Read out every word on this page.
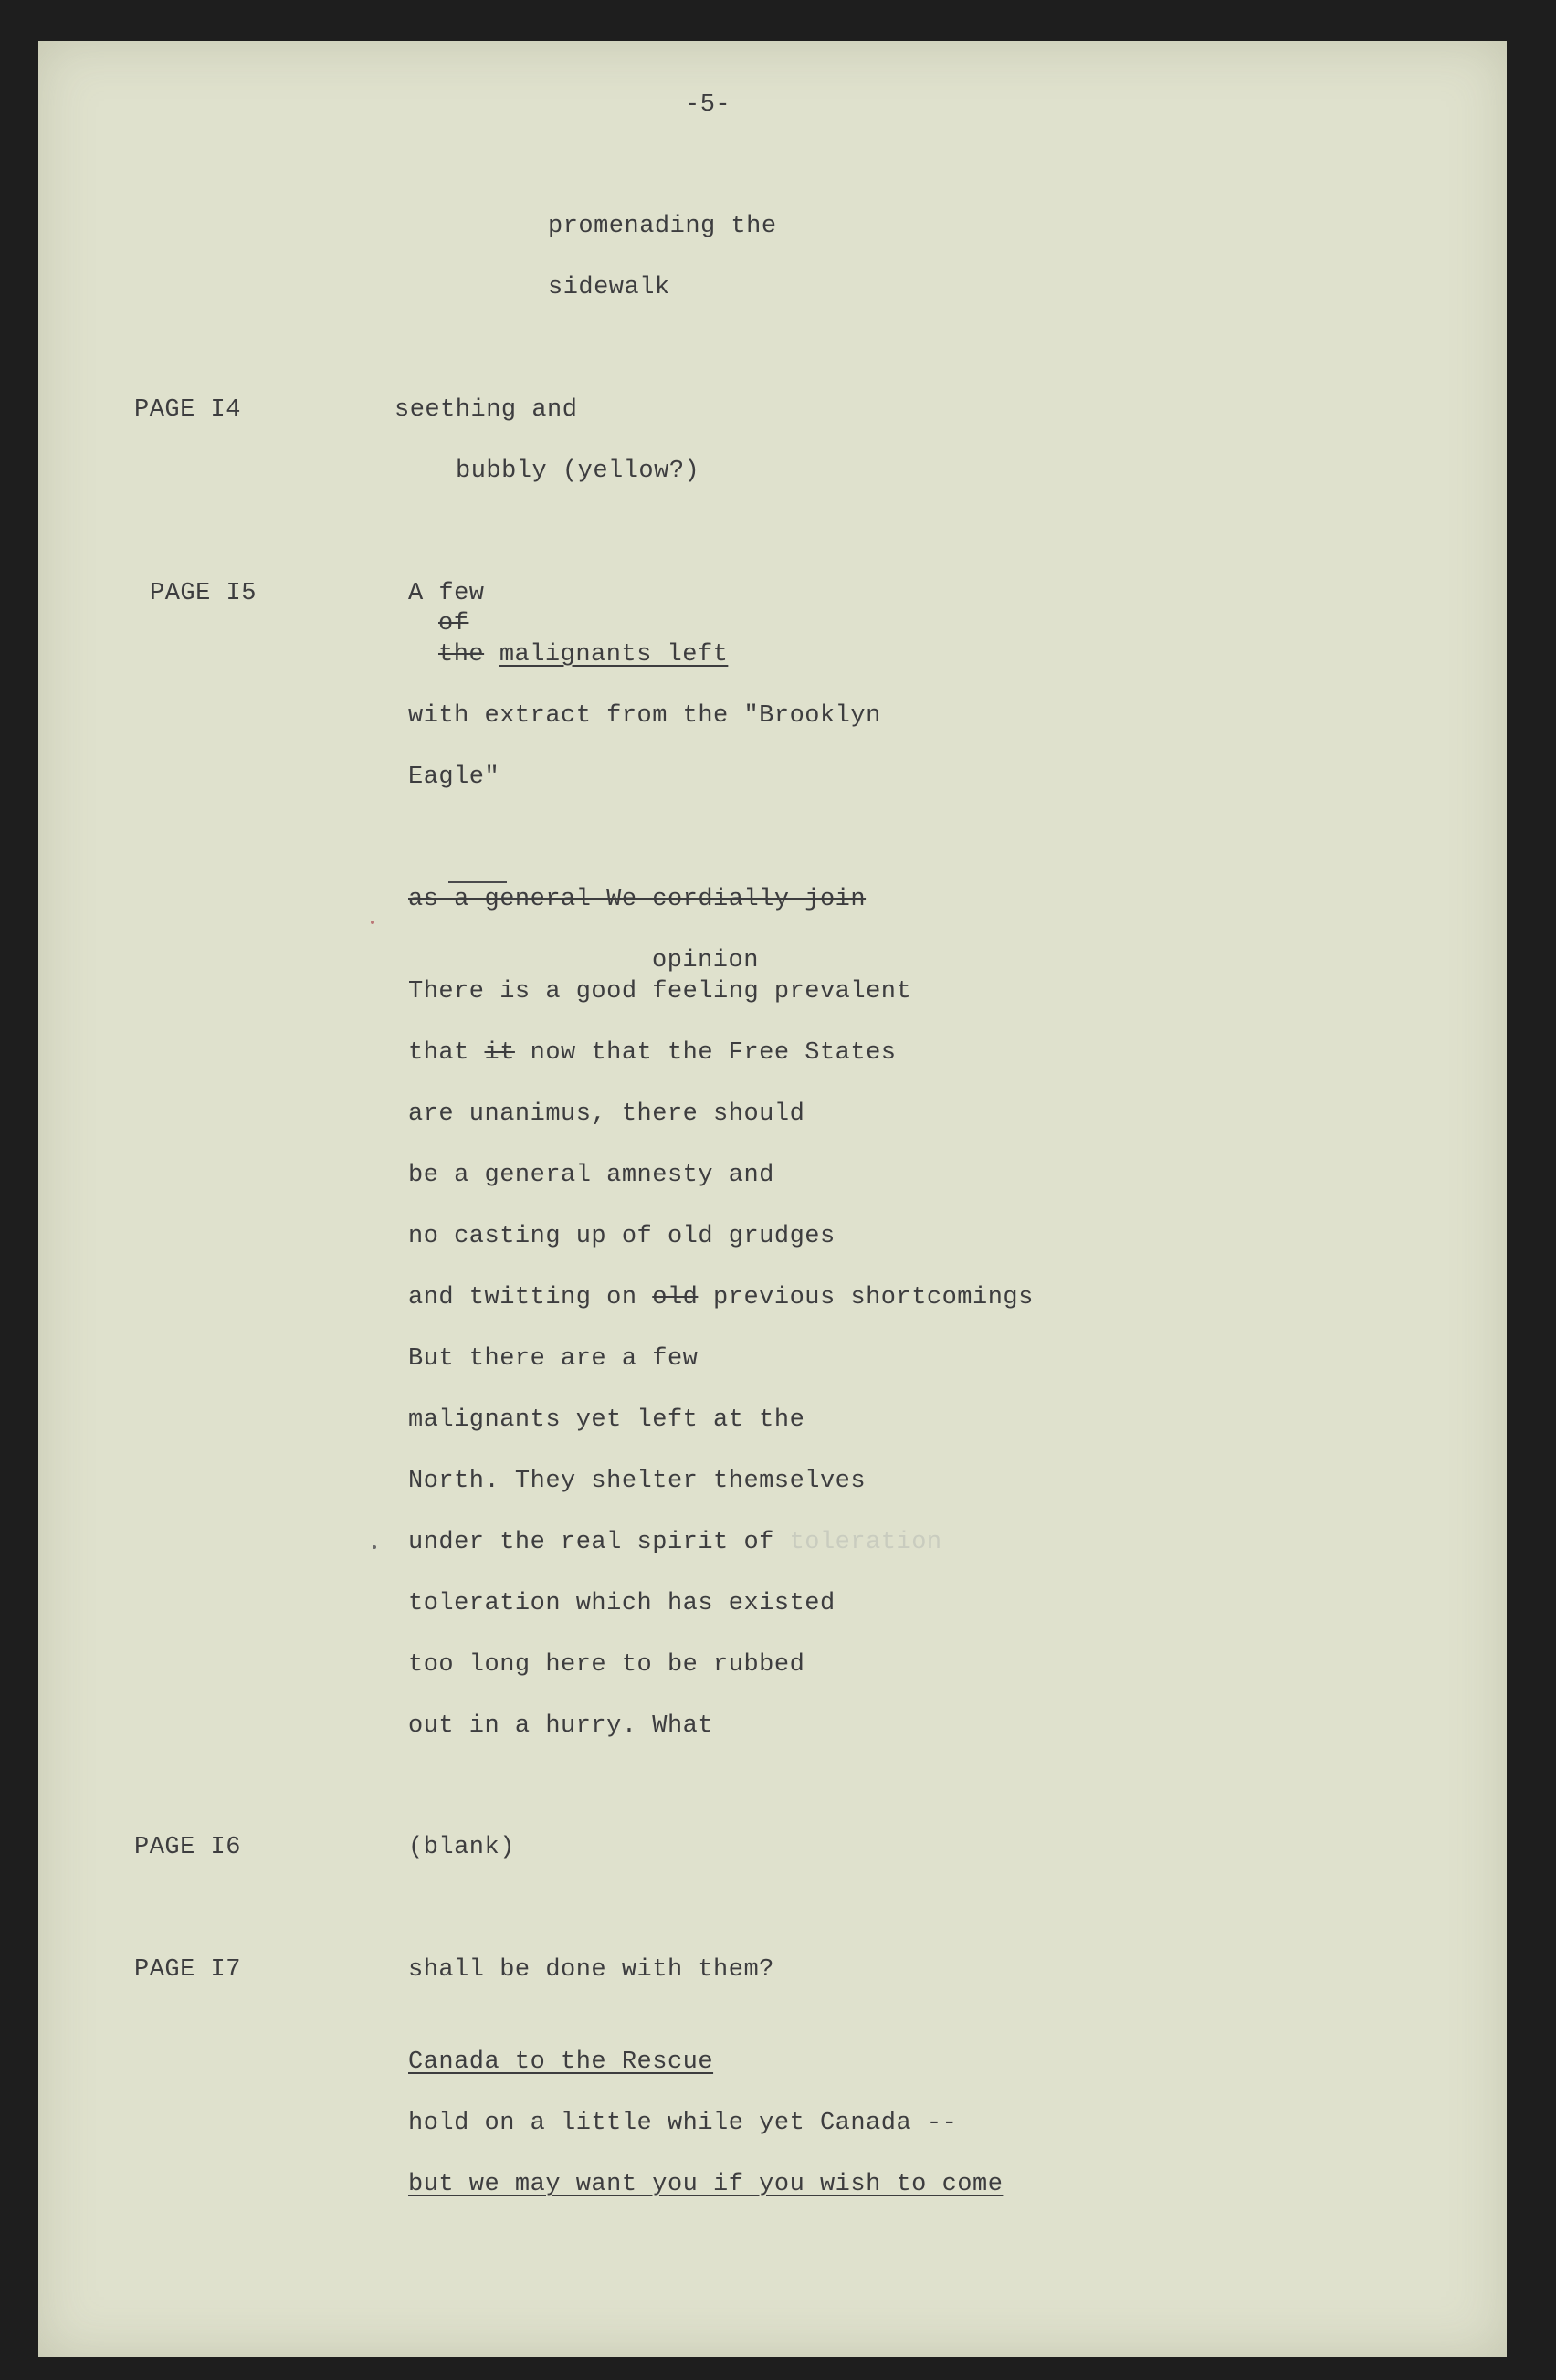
-5-
promenading the
sidewalk
PAGE I4	seething and
bubbly (yellow?)
PAGE I5	A few
of
the malignants left
with extract from the "Brooklyn
Eagle"
as a general We cordially join
opinion
There is a good feeling prevalent
that it now that the Free States
are unanimus, there should
be a general amnesty and
no casting up of old grudges
and twitting on old previous shortcomings
But there are a few
malignants yet left at the
North. They shelter themselves
under the real spirit of toleration
toleration which has existed
too long here to be rubbed
out in a hurry. What
PAGE I6	(blank)
PAGE I7	shall be done with them?
Canada to the Rescue
hold on a little while yet Canada --
but we may want you if you wish to come
